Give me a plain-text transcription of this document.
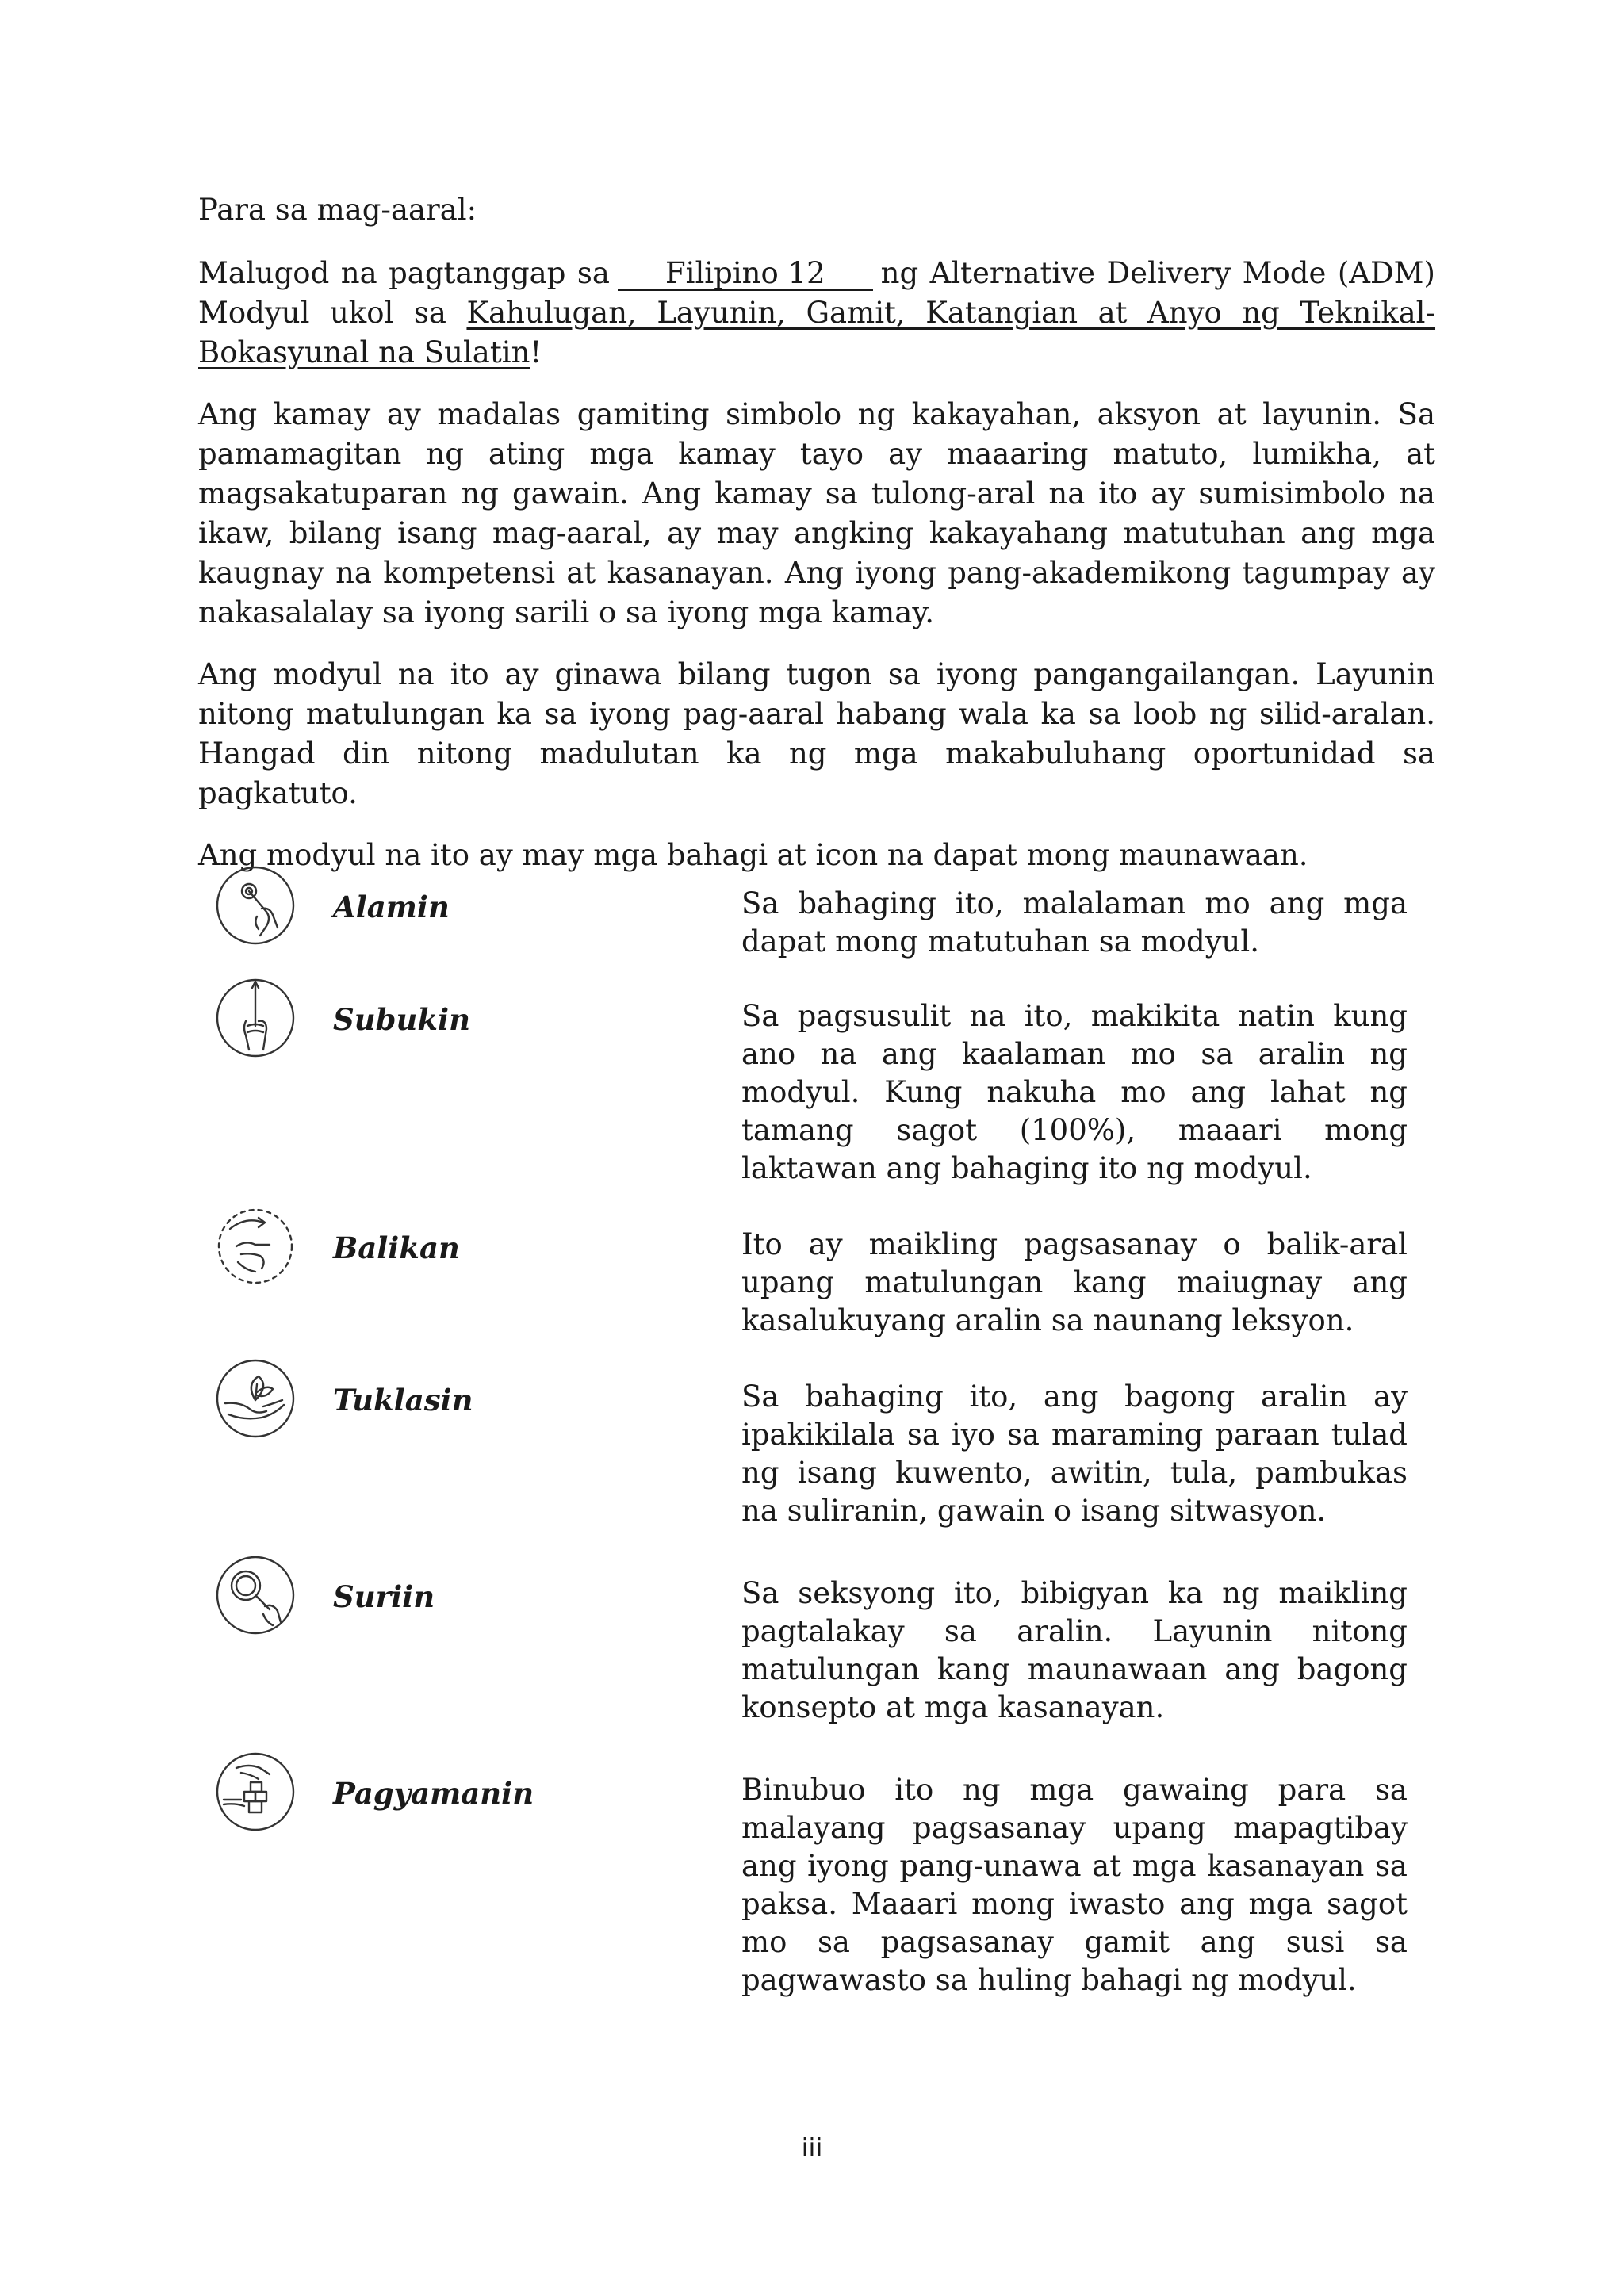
Para sa mag-aaral:

Malugod na pagtanggap sa Filipino 12 ng Alternative Delivery Mode (ADM) Modyul ukol sa Kahulugan, Layunin, Gamit, Katangian at Anyo ng Teknikal-Bokasyunal na Sulatin!

Ang kamay ay madalas gamiting simbolo ng kakayahan, aksyon at layunin. Sa pamamagitan ng ating mga kamay tayo ay maaaring matuto, lumikha, at magsakatuparan ng gawain. Ang kamay sa tulong-aral na ito ay sumisimbolo na ikaw, bilang isang mag-aaral, ay may angking kakayahang matutuhan ang mga kaugnay na kompetensi at kasanayan. Ang iyong pang-akademikong tagumpay ay nakasalalay sa iyong sarili o sa iyong mga kamay.

Ang modyul na ito ay ginawa bilang tugon sa iyong pangangailangan. Layunin nitong matulungan ka sa iyong pag-aaral habang wala ka sa loob ng silid-aralan. Hangad din nitong madulutan ka ng mga makabuluhang oportunidad sa pagkatuto.

Ang modyul na ito ay may mga bahagi at icon na dapat mong maunawaan.

Alamin	Sa bahaging ito, malalaman mo ang mga dapat mong matutuhan sa modyul.
Subukin	Sa pagsusulit na ito, makikita natin kung ano na ang kaalaman mo sa aralin ng modyul. Kung nakuha mo ang lahat ng tamang sagot (100%), maaari mong laktawan ang bahaging ito ng modyul.
Balikan	Ito ay maikling pagsasanay o balik-aral upang matulungan kang maiugnay ang kasalukuyang aralin sa naunang leksyon.
Tuklasin	Sa bahaging ito, ang bagong aralin ay ipakikilala sa iyo sa maraming paraan tulad ng isang kuwento, awitin, tula, pambukas na suliranin, gawain o isang sitwasyon.
Suriin	Sa seksyong ito, bibigyan ka ng maikling pagtalakay sa aralin. Layunin nitong matulungan kang maunawaan ang bagong konsepto at mga kasanayan.
Pagyamanin	Binubuo ito ng mga gawaing para sa malayang pagsasanay upang mapagtibay ang iyong pang-unawa at mga kasanayan sa paksa. Maaari mong iwasto ang mga sagot mo sa pagsasanay gamit ang susi sa pagwawasto sa huling bahagi ng modyul.
iii
